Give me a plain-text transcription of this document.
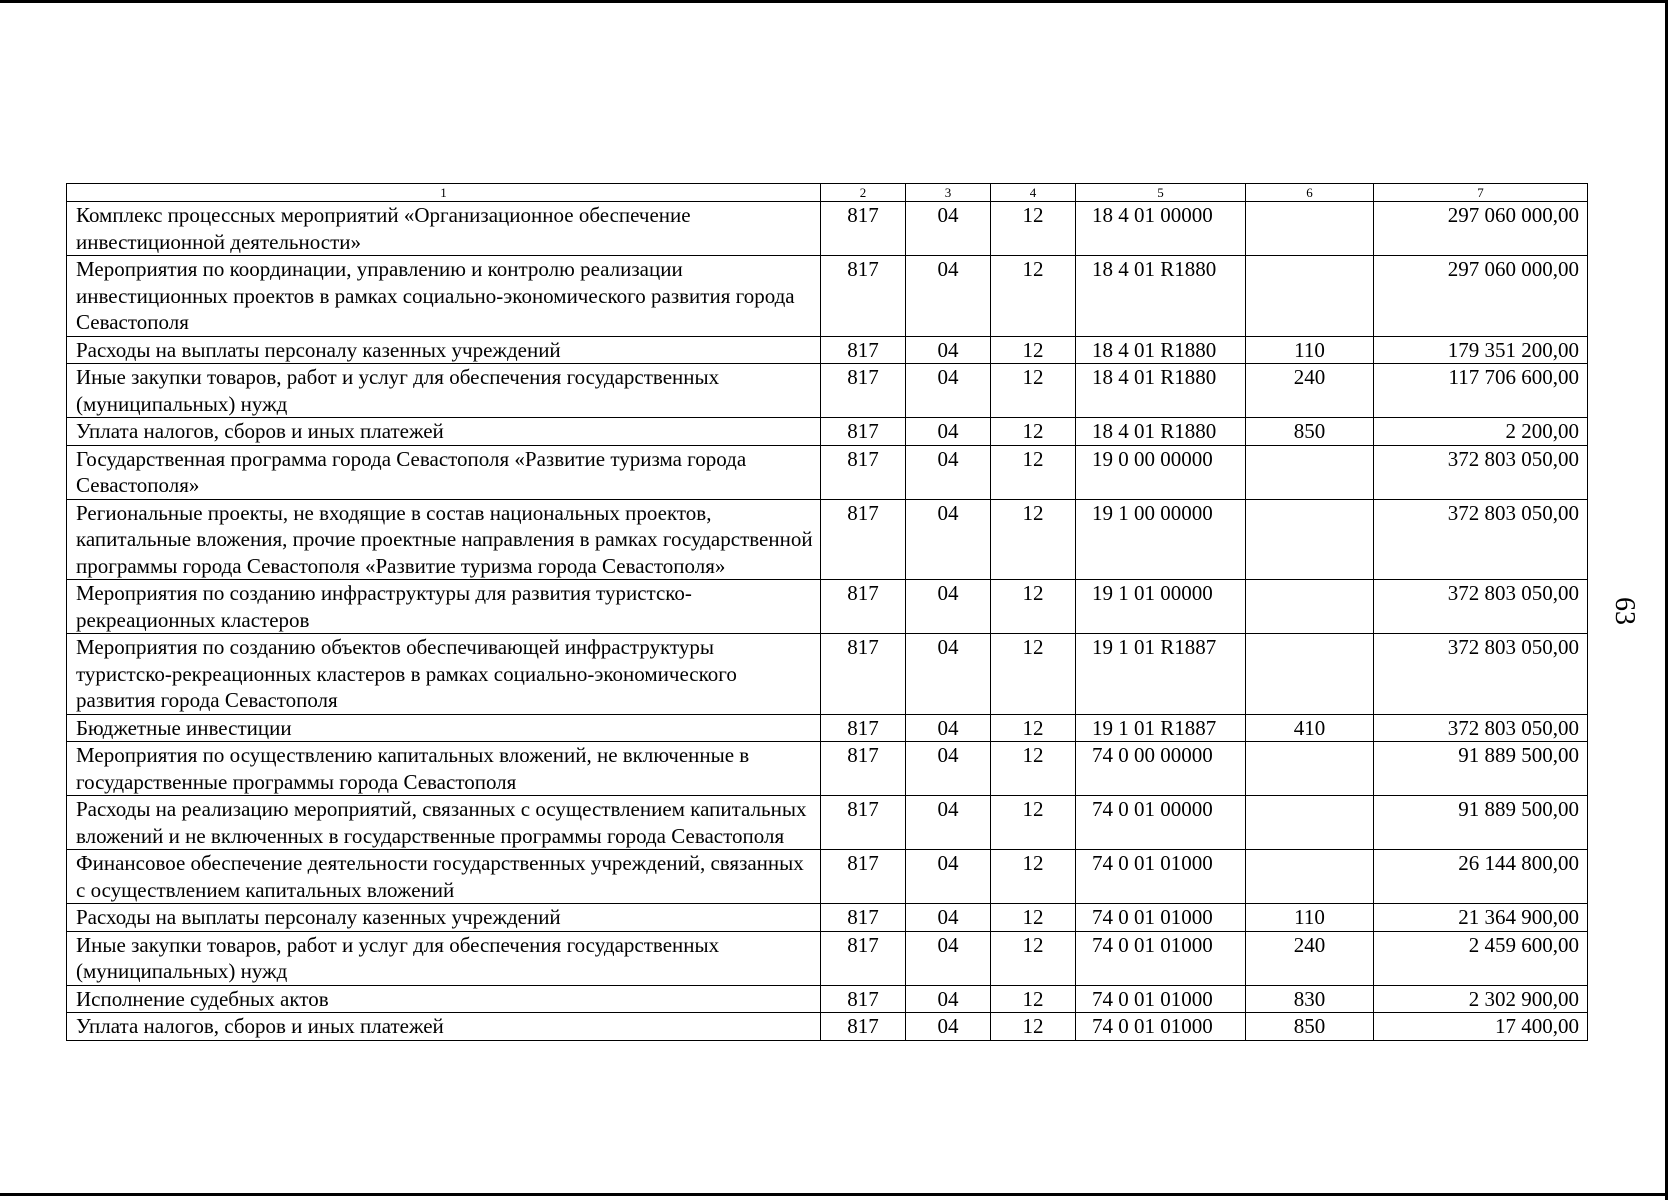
1	2	3	4	5	6	7
Комплекс процессных мероприятий «Организационное обеспечение инвестиционной деятельности»	817	04	12	18 4 01 00000		297 060 000,00
Мероприятия по координации, управлению и контролю реализации инвестиционных проектов в рамках социально-экономического развития города Севастополя	817	04	12	18 4 01 R1880		297 060 000,00
Расходы на выплаты персоналу казенных учреждений	817	04	12	18 4 01 R1880	110	179 351 200,00
Иные закупки товаров, работ и услуг для обеспечения государственных (муниципальных) нужд	817	04	12	18 4 01 R1880	240	117 706 600,00
Уплата налогов, сборов и иных платежей	817	04	12	18 4 01 R1880	850	2 200,00
Государственная программа города Севастополя «Развитие туризма города Севастополя»	817	04	12	19 0 00 00000		372 803 050,00
Региональные проекты, не входящие в состав национальных проектов, капитальные вложения, прочие проектные направления в рамках государственной программы города Севастополя «Развитие туризма города Севастополя»	817	04	12	19 1 00 00000		372 803 050,00
Мероприятия по созданию инфраструктуры для развития туристско-рекреационных кластеров	817	04	12	19 1 01 00000		372 803 050,00
Мероприятия по созданию объектов обеспечивающей инфраструктуры туристско-рекреационных кластеров в рамках социально-экономического развития города Севастополя	817	04	12	19 1 01 R1887		372 803 050,00
Бюджетные инвестиции	817	04	12	19 1 01 R1887	410	372 803 050,00
Мероприятия по осуществлению капитальных вложений, не включенные в государственные программы города Севастополя	817	04	12	74 0 00 00000		91 889 500,00
Расходы на реализацию мероприятий, связанных с осуществлением капитальных вложений и не включенных в государственные программы города Севастополя	817	04	12	74 0 01 00000		91 889 500,00
Финансовое обеспечение деятельности государственных учреждений, связанных с осуществлением капитальных вложений	817	04	12	74 0 01 01000		26 144 800,00
Расходы на выплаты персоналу казенных учреждений	817	04	12	74 0 01 01000	110	21 364 900,00
Иные закупки товаров, работ и услуг для обеспечения государственных (муниципальных) нужд	817	04	12	74 0 01 01000	240	2 459 600,00
Исполнение судебных актов	817	04	12	74 0 01 01000	830	2 302 900,00
Уплата налогов, сборов и иных платежей	817	04	12	74 0 01 01000	850	17 400,00
63
